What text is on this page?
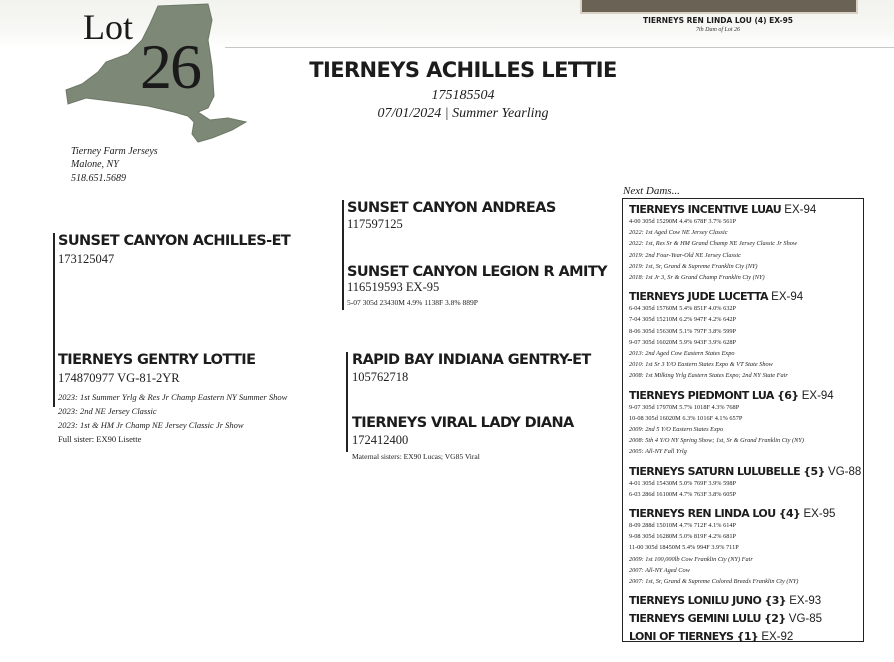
TIERNEYS REN LINDA LOU (4) EX-95
7th Dam of Lot 26
Lot
26	TIERNEYS ACHILLES LETTIE
175185504
07/01/2024 | Summer Yearling
Tierney Farm Jerseys
Malone, NY
518.651.5689
SUNSET CANYON ACHILLES-ET
173125047
SUNSET CANYON ANDREAS
117597125
SUNSET CANYON LEGION R AMITY
116519593 EX-95
5-07 305d 23430M 4.9% 1138F 3.8% 889P
TIERNEYS GENTRY LOTTIE
174870977 VG-81-2YR
2023: 1st Summer Yrlg & Res Jr Champ Eastern NY Summer Show
2023: 2nd NE Jersey Classic
2023: 1st & HM Jr Champ NE Jersey Classic Jr Show
Full sister: EX90 Lisette
RAPID BAY INDIANA GENTRY-ET
105762718
TIERNEYS VIRAL LADY DIANA
172412400
Maternal sisters: EX90 Lucas; VG85 Viral
Next Dams...
TIERNEYS INCENTIVE LUAU EX-94
4-00 305d 15290M 4.4% 678F 3.7% 561P
2022: 1st Aged Cow NE Jersey Classic
2022: 1st, Res Sr & HM Grand Champ NE Jersey Classic Jr Show
2019: 2nd Four-Year-Old NE Jersey Classic
2019: 1st, Sr, Grand & Supreme Franklin Cty (NY)
2018: 1st Jr 3, Sr & Grand Champ Franklin Cty (NY)
TIERNEYS JUDE LUCETTA EX-94
6-04 305d 15760M 5.4% 851F 4.0% 632P
7-04 305d 15210M 6.2% 947F 4.2% 642P
8-06 305d 15630M 5.1% 797F 3.8% 599P
9-07 305d 16020M 5.9% 943F 3.9% 628P
2013: 2nd Aged Cow Eastern States Expo
2010: 1st Sr 3 Y/O Eastern States Expo & VT State Show
2008: 1st Milking Yrlg Eastern States Expo; 2nd NY State Fair
TIERNEYS PIEDMONT LUA {6} EX-94
9-07 305d 17970M 5.7% 1018F 4.3% 768P
10-08 305d 16020M 6.3% 1016F 4.1% 657P
2009: 2nd 5 Y/O Eastern States Expo
2008: 5th 4 Y/O NY Spring Show; 1st, Sr & Grand Franklin Cty (NY)
2005: All-NY Fall Yrlg
TIERNEYS SATURN LULUBELLE {5} VG-88
4-01 305d 15430M 5.0% 769F 3.9% 598P
6-03 286d 16100M 4.7% 763F 3.8% 605P
TIERNEYS REN LINDA LOU {4} EX-95
8-09 288d 15010M 4.7% 712F 4.1% 614P
9-08 305d 16280M 5.0% 819F 4.2% 681P
11-00 305d 18450M 5.4% 994F 3.9% 711P
2009: 1st 100,000lb Cow Franklin Cty (NY) Fair
2007: All-NY Aged Cow
2007: 1st, Sr, Grand & Supreme Colored Breeds Franklin Cty (NY)
TIERNEYS LONILU JUNO {3} EX-93
TIERNEYS GEMINI LULU {2} VG-85
LONI OF TIERNEYS {1} EX-92
